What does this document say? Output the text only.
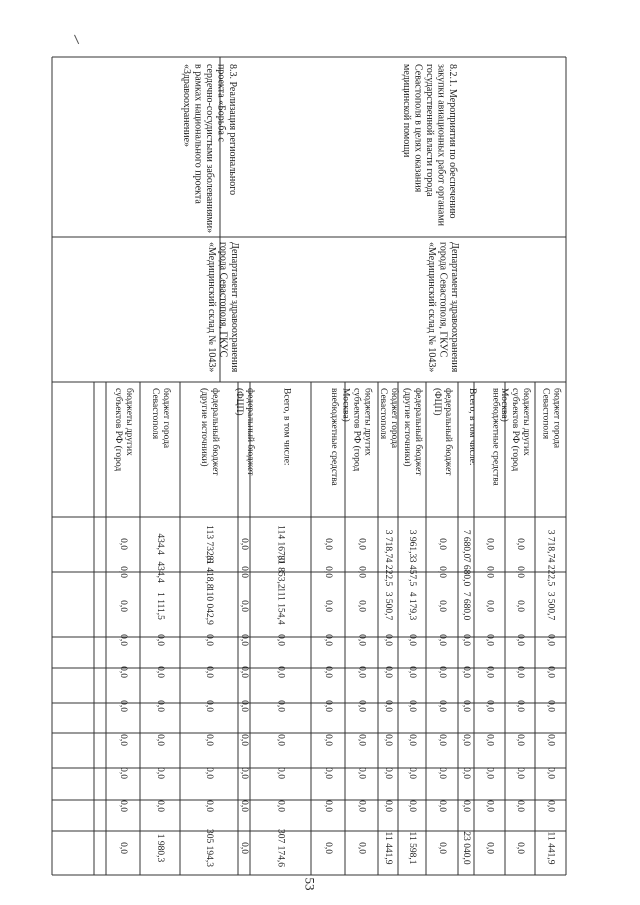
8.2.1. Мероприятия по обеспечениюзакупки авиационных работ органамигосударственной власти городаСевастополя в целях оказаниямедицинской помощи
8.3. Реализация региональногопроекта «Борьба ссердечно-сосудистыми заболеваниями»в рамках национального проекта«Здравоохранение»
Департамент здравоохранениягорода Севастополя, ГКУС«Медицинский склад № 1043»
Департамент здравоохранениягорода Севастополя, ГКУС«Медицинский склад № 1043»
бюджет городаСевастополя
3 718,7
4 222,5
3 500,7
0,0
0,0
0,0
0,0
0,0
0,0
11 441,9
бюджеты другихсубъектов РФ (городМосква)
0,0
0,0
0,0
0,0
0,0
0,0
0,0
0,0
0,0
0,0
внебюджетные средства
0,0
0,0
0,0
0,0
0,0
0,0
0,0
0,0
0,0
0,0
Всего, в том числе:
7 680,0
7 680,0
7 680,0
0,0
0,0
0,0
0,0
0,0
0,0
23 040,0
федеральный бюджет(ФЦП)
0,0
0,0
0,0
0,0
0,0
0,0
0,0
0,0
0,0
0,0
федеральный бюджет(другие источники)
3 961,3
3 457,5
4 179,3
0,0
0,0
0,0
0,0
0,0
0,0
11 598,1
бюджет городаСевастополя
3 718,7
4 222,5
3 500,7
0,0
0,0
0,0
0,0
0,0
0,0
11 441,9
бюджеты другихсубъектов РФ (городМосква)
0,0
0,0
0,0
0,0
0,0
0,0
0,0
0,0
0,0
0,0
внебюджетные средства
0,0
0,0
0,0
0,0
0,0
0,0
0,0
0,0
0,0
0,0
Всего, в том числе:
114 167,0
81 853,2
111 154,4
0,0
0,0
0,0
0,0
0,0
0,0
307 174,6
федеральный бюджет(ФЦП)
0,0
0,0
0,0
0,0
0,0
0,0
0,0
0,0
0,0
0,0
федеральный бюджет(другие источники)
113 732,6
81 418,8
110 042,9
0,0
0,0
0,0
0,0
0,0
0,0
305 194,3
бюджет городаСевастополя
434,4
434,4
1 111,5
0,0
0,0
0,0
0,0
0,0
0,0
1 980,3
бюджеты другихсубъектов РФ (город
0,0
0,0
0,0
0,0
0,0
0,0
0,0
0,0
0,0
0,0
53
